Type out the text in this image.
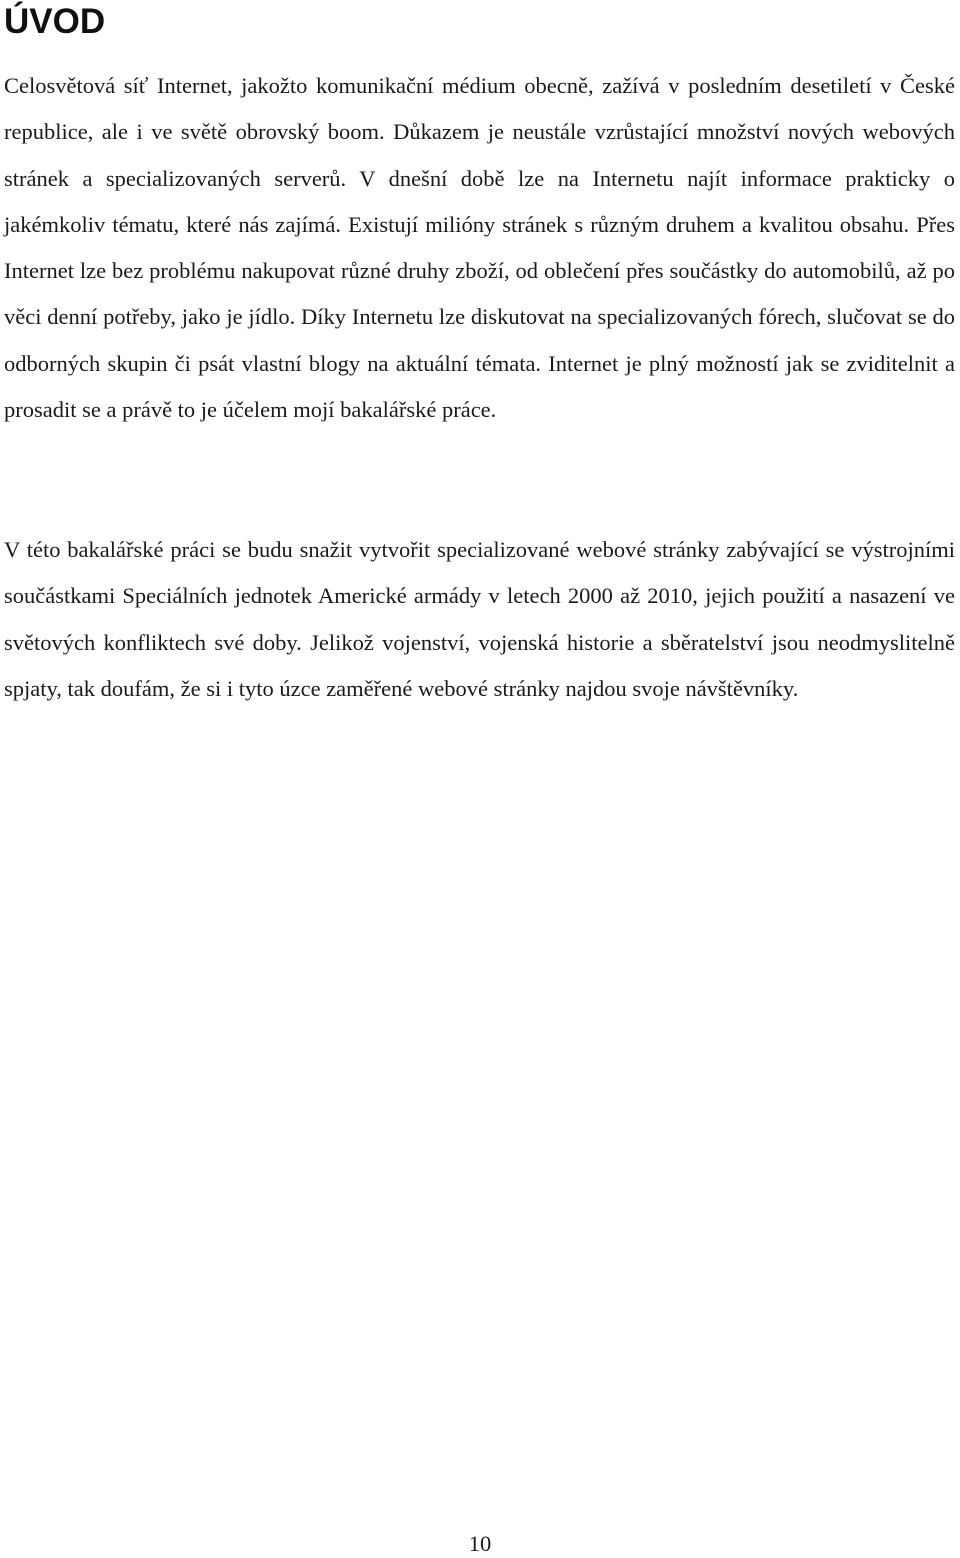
ÚVOD

Celosvětová síť Internet, jakožto komunikační médium obecně, zažívá v posledním desetiletí v České republice, ale i ve světě obrovský boom. Důkazem je neustále vzrůstající množství nových webových stránek a specializovaných serverů. V dnešní době lze na Internetu najít informace prakticky o jakémkoliv tématu, které nás zajímá. Existují milióny stránek s různým druhem a kvalitou obsahu. Přes Internet lze bez problému nakupovat různé druhy zboží, od oblečení přes součástky do automobilů, až po věci denní potřeby, jako je jídlo. Díky Internetu lze diskutovat na specializovaných fórech, slučovat se do odborných skupin či psát vlastní blogy na aktuální témata. Internet je plný možností jak se zviditelnit a prosadit se a právě to je účelem mojí bakalářské práce.

V této bakalářské práci se budu snažit vytvořit specializované webové stránky zabývající se výstrojními součástkami Speciálních jednotek Americké armády v letech 2000 až 2010, jejich použití a nasazení ve světových konfliktech své doby. Jelikož vojenství, vojenská historie a sběratelství jsou neodmyslitelně spjaty, tak doufám, že si i tyto úzce zaměřené webové stránky najdou svoje návštěvníky.

10
